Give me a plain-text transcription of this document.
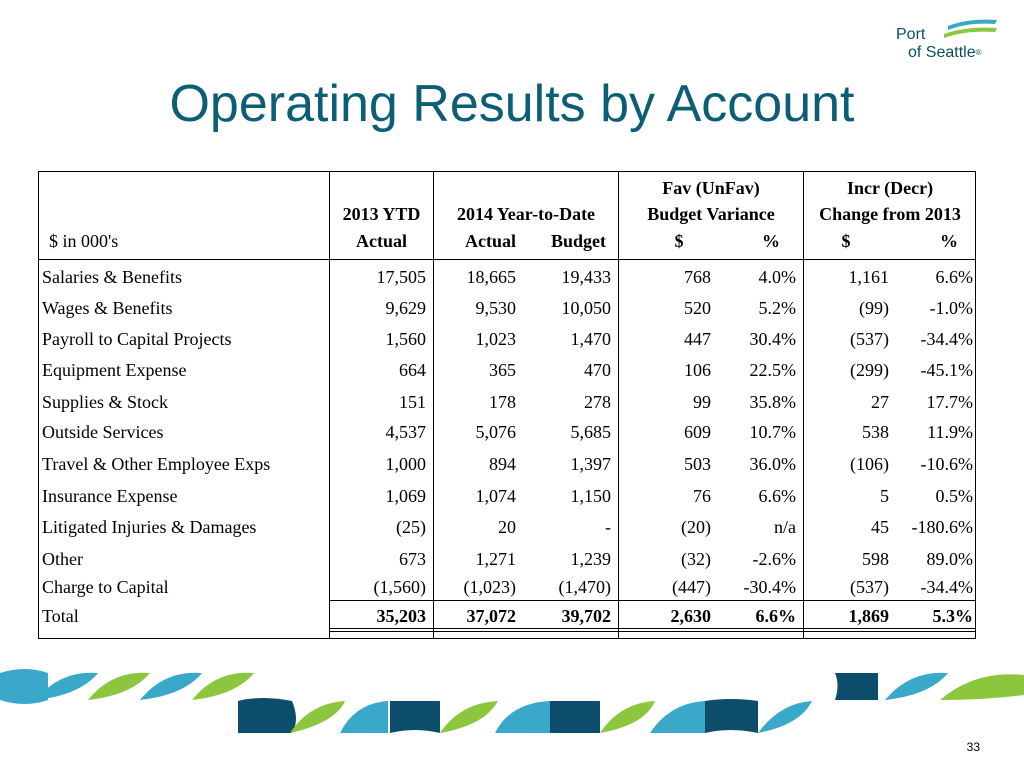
Port
of Seattle®
Operating Results by Account
Fav (UnFav)	Incr (Decr)
2013 YTD	2014 Year-to-Date	Budget Variance	Change from 2013
$ in 000's	Actual	Actual	Budget	$	%	$	%
Salaries & Benefits	17,505	18,665	19,433	768	4.0%	1,161	6.6%
Wages & Benefits	9,629	9,530	10,050	520	5.2%	(99)	-1.0%
Payroll to Capital Projects	1,560	1,023	1,470	447	30.4%	(537)	-34.4%
Equipment Expense	664	365	470	106	22.5%	(299)	-45.1%
Supplies & Stock	151	178	278	99	35.8%	27	17.7%
Outside Services	4,537	5,076	5,685	609	10.7%	538	11.9%
Travel & Other Employee Exps	1,000	894	1,397	503	36.0%	(106)	-10.6%
Insurance Expense	1,069	1,074	1,150	76	6.6%	5	0.5%
Litigated Injuries & Damages	(25)	20	-	(20)	n/a	45	-180.6%
Other	673	1,271	1,239	(32)	-2.6%	598	89.0%
Charge to Capital	(1,560)	(1,023)	(1,470)	(447)	-30.4%	(537)	-34.4%
Total	35,203	37,072	39,702	2,630	6.6%	1,869	5.3%
33
